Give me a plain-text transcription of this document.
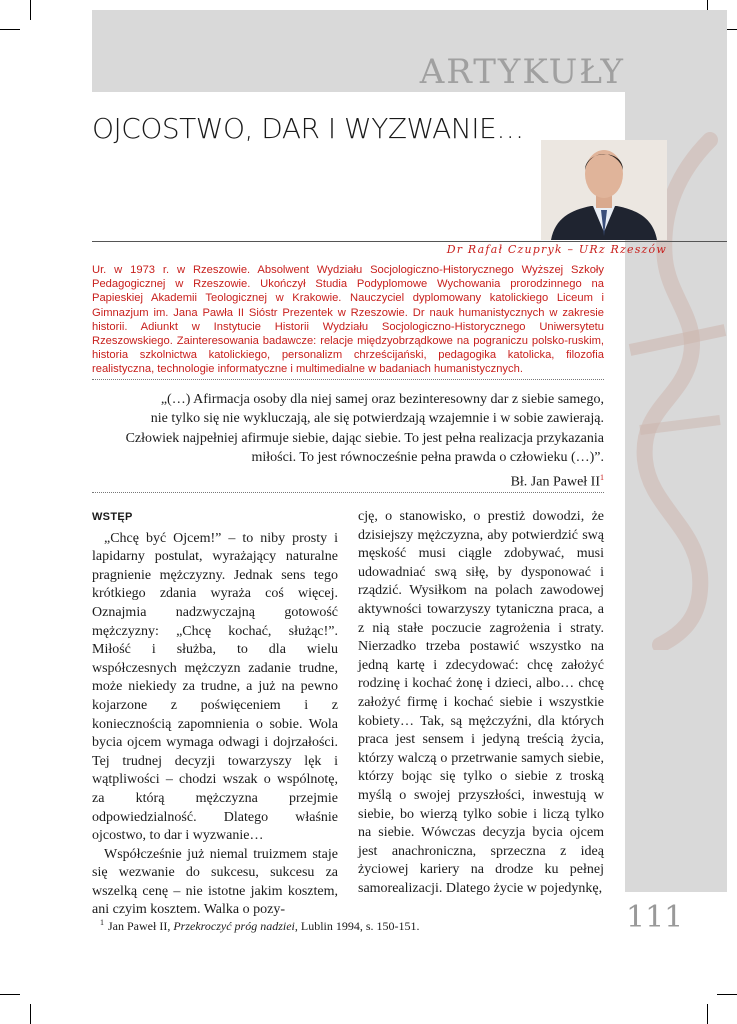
ARTYKUŁY
OJCOSTWO, DAR I WYZWANIE…
Dr Rafał Czupryk – URz Rzeszów
Ur. w 1973 r. w Rzeszowie. Absolwent Wydziału Socjologiczno-Historycznego Wyższej Szkoły Pedagogicznej w Rzeszowie. Ukończył Studia Podyplomowe Wychowania prorodzinnego na Papieskiej Akademii Teologicznej w Krakowie. Nauczyciel dyplomowany katolickiego Liceum i Gimnazjum im. Jana Pawła II Sióstr Prezentek w Rzeszowie. Dr nauk humanistycznych w zakresie historii. Adiunkt w Instytucie Historii Wydziału Socjologiczno-Historycznego Uniwersytetu Rzeszowskiego. Zainteresowania badawcze: relacje międzyobrządkowe na pograniczu polsko-ruskim, historia szkolnictwa katolickiego, personalizm chrześcijański, pedagogika katolicka, filozofia realistyczna, technologie informatyczne i multimedialne w badaniach humanistycznych.
„(…) Afirmacja osoby dla niej samej oraz bezinteresowny dar z siebie samego,
nie tylko się nie wykluczają, ale się potwierdzają wzajemnie i w sobie zawierają.
Człowiek najpełniej afirmuje siebie, dając siebie. To jest pełna realizacja przykazania
miłości. To jest równocześnie pełna prawda o człowieku (…)”.
Bł. Jan Paweł $II^1$
WSTĘP

„Chcę być Ojcem!” – to niby prosty i lapidarny postulat, wyrażający naturalne pragnienie mężczyzny. Jednak sens tego krótkiego zdania wyraża coś więcej. Oznajmia nadzwyczajną gotowość mężczyzny: „Chcę kochać, służąc!”. Miłość i służba, to dla wielu współczesnych mężczyzn zadanie trudne, może niekiedy za trudne, a już na pewno kojarzone z poświęceniem i z koniecznością zapomnienia o sobie. Wola bycia ojcem wymaga odwagi i dojrzałości. Tej trudnej decyzji towarzyszy lęk i wątpliwości – chodzi wszak o wspólnotę, za którą mężczyzna przejmie odpowiedzialność. Dlatego właśnie ojcostwo, to dar i wyzwanie…

Współcześnie już niemal truizmem staje się wezwanie do sukcesu, sukcesu za wszelką cenę – nie istotne jakim kosztem, ani czyim kosztem. Walka o pozy-

cję, o stanowisko, o prestiż dowodzi, że dzisiejszy mężczyzna, aby potwierdzić swą męskość musi ciągle zdobywać, musi udowadniać swą siłę, by dysponować i rządzić. Wysiłkom na polach zawodowej aktywności towarzyszy tytaniczna praca, a z nią stałe poczucie zagrożenia i straty. Nierzadko trzeba postawić wszystko na jedną kartę i zdecydować: chcę założyć rodzinę i kochać żonę i dzieci, albo… chcę założyć firmę i kochać siebie i wszystkie kobiety… Tak, są mężczyźni, dla których praca jest sensem i jedyną treścią życia, którzy walczą o przetrwanie samych siebie, którzy bojąc się tylko o siebie z troską myślą o swojej przyszłości, inwestują w siebie, bo wierzą tylko sobie i liczą tylko na siebie. Wówczas decyzja bycia ojcem jest anachroniczna, sprzeczna z ideą życiowej kariery na drodze ku pełnej samorealizacji. Dlatego życie w pojedynkę,

$^1$ Jan Paweł II, Przekroczyć próg nadziei, Lublin 1994, s. 150-151.	111
